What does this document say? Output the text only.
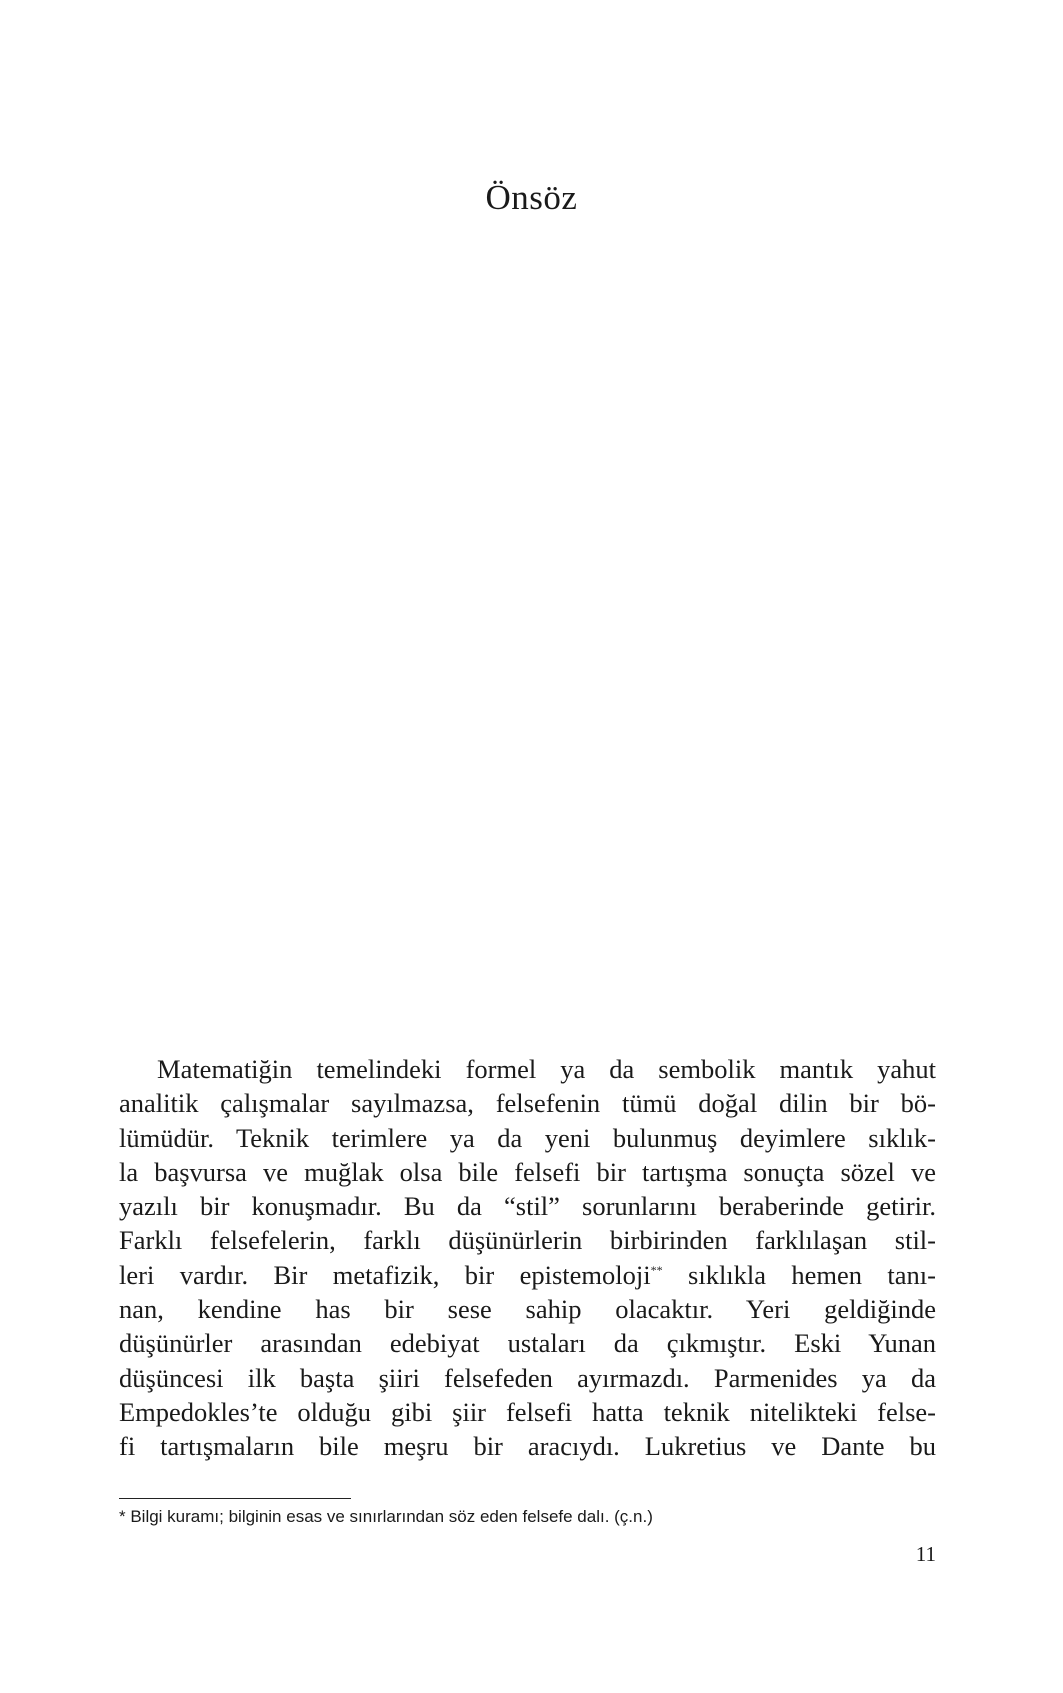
Önsöz

Matematiğin temelindeki formel ya da sembolik mantık yahut
analitik çalışmalar sayılmazsa, felsefenin tümü doğal dilin bir bö-
lümüdür. Teknik terimlere ya da yeni bulunmuş deyimlere sıklık-
la başvursa ve muğlak olsa bile felsefi bir tartışma sonuçta sözel ve
yazılı bir konuşmadır. Bu da “stil” sorunlarını beraberinde getirir.
Farklı felsefelerin, farklı düşünürlerin birbirinden farklılaşan stil-
leri vardır. Bir metafizik, bir epistemoloji** sıklıkla hemen tanı-
nan, kendine has bir sese sahip olacaktır. Yeri geldiğinde
düşünürler arasından edebiyat ustaları da çıkmıştır. Eski Yunan
düşüncesi ilk başta şiiri felsefeden ayırmazdı. Parmenides ya da
Empedokles’te olduğu gibi şiir felsefi hatta teknik nitelikteki felse-
fi tartışmaların bile meşru bir aracıydı. Lukretius ve Dante bu

* Bilgi kuramı; bilginin esas ve sınırlarından söz eden felsefe dalı. (ç.n.)

11
